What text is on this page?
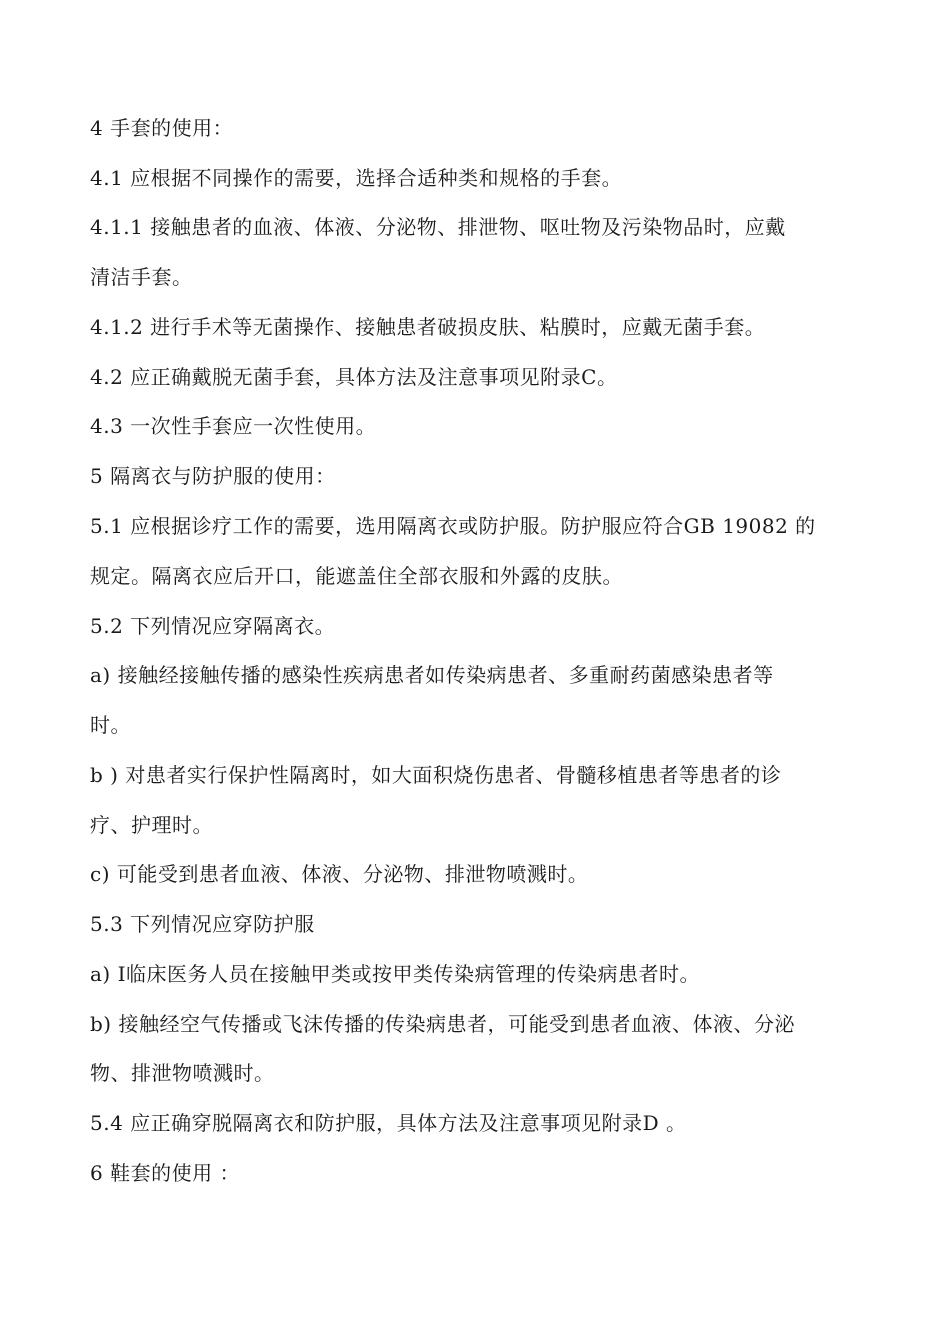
4 手套的使用：
4.1 应根据不同操作的需要，选择合适种类和规格的手套。
4.1.1 接触患者的血液、体液、分泌物、排泄物、呕吐物及污染物品时，应戴
清洁手套。
4.1.2 进行手术等无菌操作、接触患者破损皮肤、粘膜时，应戴无菌手套。
4.2 应正确戴脱无菌手套，具体方法及注意事项见附录C。
4.3 一次性手套应一次性使用。
5 隔离衣与防护服的使用：
5.1 应根据诊疗工作的需要，选用隔离衣或防护服。防护服应符合GB 19082 的
规定。隔离衣应后开口，能遮盖住全部衣服和外露的皮肤。
5.2 下列情况应穿隔离衣。
a) 接触经接触传播的感染性疾病患者如传染病患者、多重耐药菌感染患者等
时。
b ) 对患者实行保护性隔离时，如大面积烧伤患者、骨髓移植患者等患者的诊
疗、护理时。
c) 可能受到患者血液、体液、分泌物、排泄物喷溅时。
5.3 下列情况应穿防护服
a) I临床医务人员在接触甲类或按甲类传染病管理的传染病患者时。
b) 接触经空气传播或飞沫传播的传染病患者，可能受到患者血液、体液、分泌
物、排泄物喷溅时。
5.4 应正确穿脱隔离衣和防护服，具体方法及注意事项见附录D 。
6 鞋套的使用 ：
